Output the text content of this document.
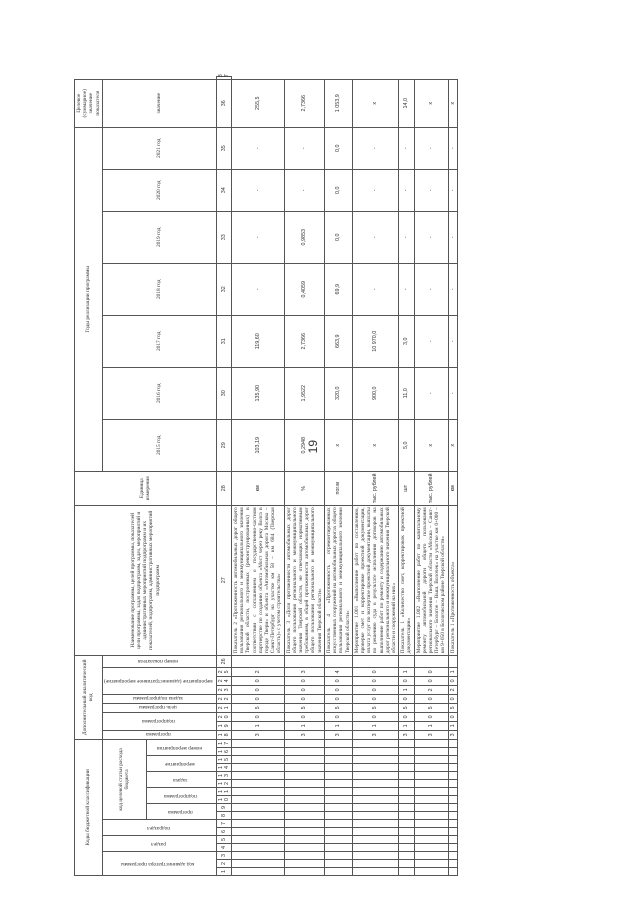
19
Коды бюджетной классификации																	Дополнительный аналитический код									Наименование программы, целей программы, показателей цели программы, задач подпрограмм, задач, мероприятий и административных мероприятий подпрограмм и их показателей, подпрограмм, административных мероприятий подпрограмм	Единица измерения	Годы реализации программы							Целевое (суммарное) значение показателя	
код администратора программы			раздел		подраздел		код целевой статьи расхода бюджета										программа	подпрограмма		цель программы	задача подпрограммы	мероприятие (административное мероприятие)			номер показателя			2015 год	2016 год	2017 год	2018 год	2019 год	2020 год	2021 год	значение	
							программа		подпрограмма		задача		мероприятие		номер мероприятия																					
1	2	3	4	5	6	7	8	9	10	11	12	13	14	15	16	17	18	19	20	21	22	23	24	25	26	27	28	29	30	31	32	33	34	35	36	37
																	3	1	0	5	0	0	0	2		Показатель 2 «Протяженность автомобильных дорог общего пользования регионального и межмуниципального значения Тверской области, построенных (реконструированных) в соответствии с соглашением о государственно-частном партнерстве по созданию объекта «Мост через реку Волга в городе Твери» и объекта «Автомобильная дорога Москва – Санкт-Петербург на участке км 58 – км 684 (Тверская область)» с учетом строительства»	км	103,19	135,90	119,60	-	-	-	-	255,5	
																	3	1	0	5	0	0	0	3		Показатель 3 «Доля протяженности автомобильных дорог общего пользования регионального и межмуниципального значения Тверской области, не отвечающих нормативным требованиям, в общей протяженности автомобильных дорог общего пользования регионального и межмуниципального значения Тверской области»	%	0,2948	1,9522	2,7366	0,4059	0,9853	-	-	2,7366	
																	3	1	0	5	0	0	0	4		Показатель 4 «Протяженность отремонтированных искусственных сооружений на автомобильных дорогах общего пользования регионального и межмуниципального значения Тверской области»	пог.м	х	320,0	663,9	69,9	0,0	0,0	0,0	1 053,9	
																	3	1	0	5	0	0	0	0		Мероприятие 1.001 «Выполнение работ по составлению, проверке смет и корректировке проектной документации, оплата услуг по экспертизе проектной документации, выплаты по решению суда в результате исполнения договоров на выполнение работ по ремонту и содержанию автомобильных дорог регионального и межмуниципального значения Тверской области и сооружений на них»	тыс. рублей	х	900,0	10 970,0	-	-	-	-	х	
																	3	1	0	5	0	1	0	1		Показатель 1 «Количество смет, корректировок проектной документации»	шт	5,0	11,0	3,0	-	-	-	-	14,0	
																	3	1	0	5	0	2	0	0		Мероприятие 1.002 «Выполнение работ по капитальному ремонту автомобильной дороги общего пользования регионального значения Тверской области «Москва – Санкт-Петербург – Бологое – Выш. Волочек» на участке км 0+000 – км 9+050 в Бологовском районе Тверской области»	тыс. рублей	х	-	-	-	-	-	-	х	
																	3	1	0	5	0	2	0	1		Показатель 1 «Протяженность объекта»	км	х	-	-	-	-	-	-	х	
